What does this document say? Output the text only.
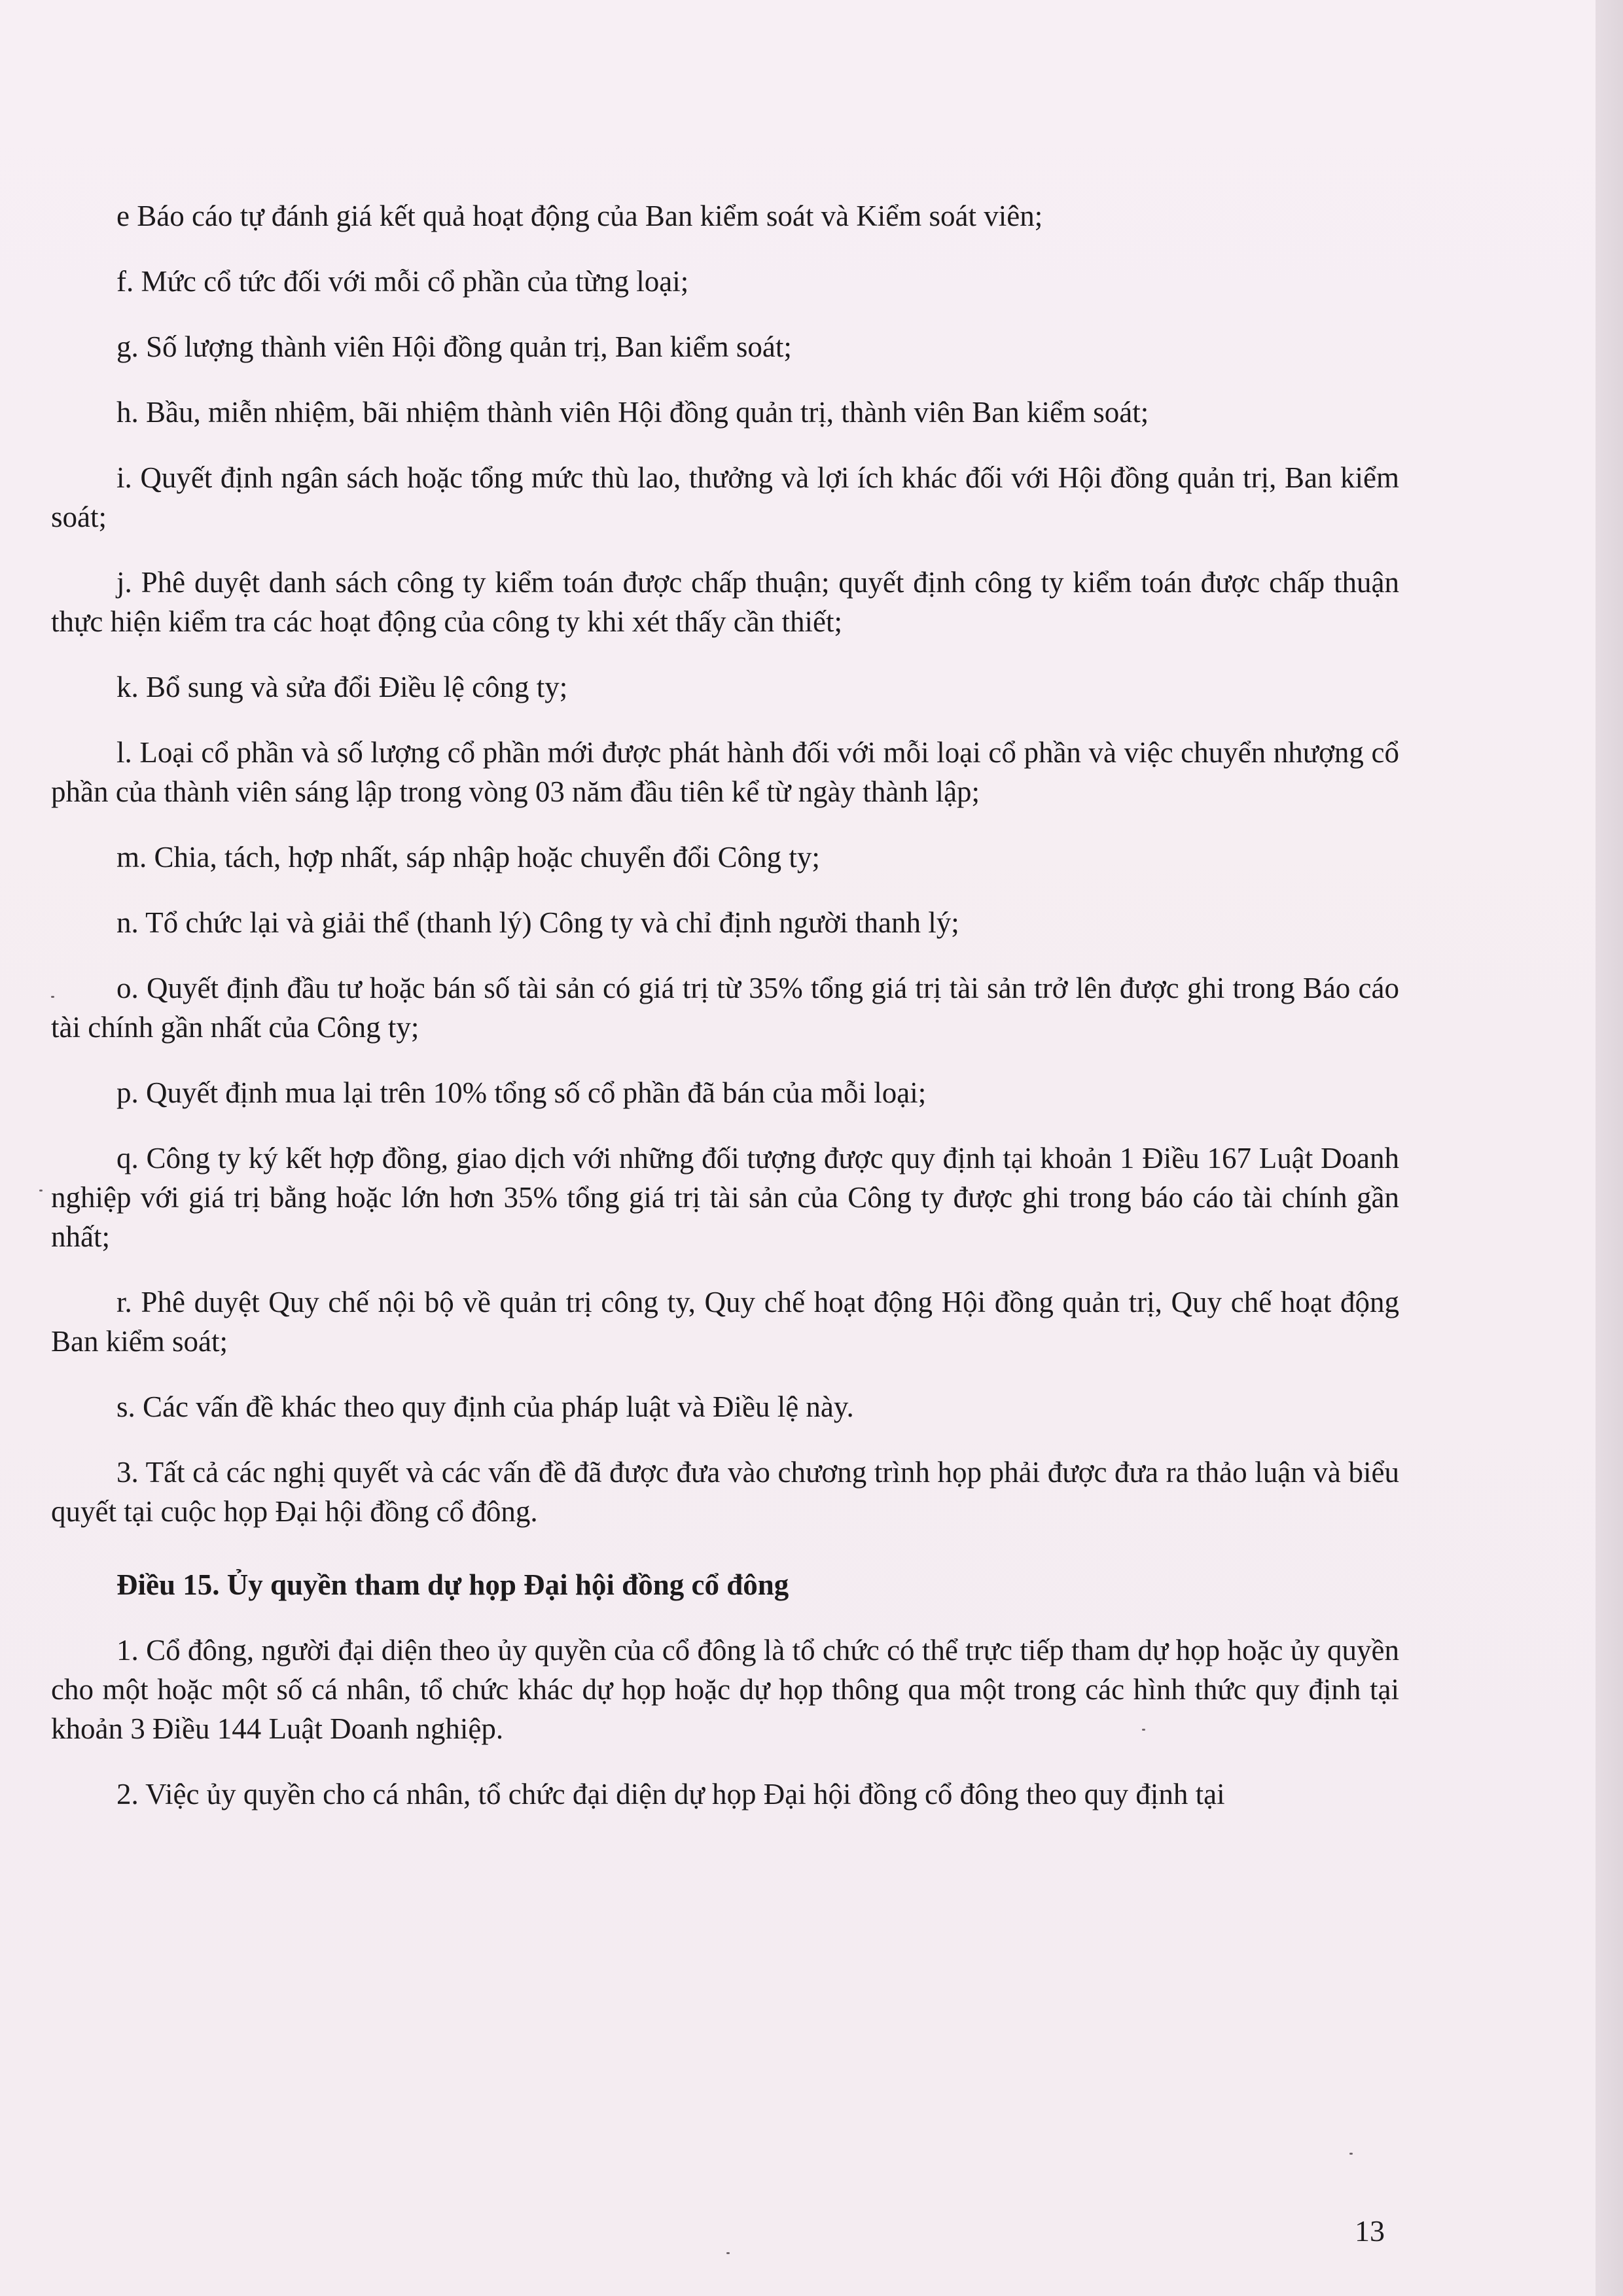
e Báo cáo tự đánh giá kết quả hoạt động của Ban kiểm soát và Kiểm soát viên;

f. Mức cổ tức đối với mỗi cổ phần của từng loại;

g. Số lượng thành viên Hội đồng quản trị, Ban kiểm soát;

h. Bầu, miễn nhiệm, bãi nhiệm thành viên Hội đồng quản trị, thành viên Ban kiểm soát;

i. Quyết định ngân sách hoặc tổng mức thù lao, thưởng và lợi ích khác đối với Hội đồng quản trị, Ban kiểm soát;

j. Phê duyệt danh sách công ty kiểm toán được chấp thuận; quyết định công ty kiểm toán được chấp thuận thực hiện kiểm tra các hoạt động của công ty khi xét thấy cần thiết;

k. Bổ sung và sửa đổi Điều lệ công ty;

l. Loại cổ phần và số lượng cổ phần mới được phát hành đối với mỗi loại cổ phần và việc chuyển nhượng cổ phần của thành viên sáng lập trong vòng 03 năm đầu tiên kể từ ngày thành lập;

m. Chia, tách, hợp nhất, sáp nhập hoặc chuyển đổi Công ty;

n. Tổ chức lại và giải thể (thanh lý) Công ty và chỉ định người thanh lý;

o. Quyết định đầu tư hoặc bán số tài sản có giá trị từ 35% tổng giá trị tài sản trở lên được ghi trong Báo cáo tài chính gần nhất của Công ty;

p. Quyết định mua lại trên 10% tổng số cổ phần đã bán của mỗi loại;

q. Công ty ký kết hợp đồng, giao dịch với những đối tượng được quy định tại khoản 1 Điều 167 Luật Doanh nghiệp với giá trị bằng hoặc lớn hơn 35% tổng giá trị tài sản của Công ty được ghi trong báo cáo tài chính gần nhất;

r. Phê duyệt Quy chế nội bộ về quản trị công ty, Quy chế hoạt động Hội đồng quản trị, Quy chế hoạt động Ban kiểm soát;

s. Các vấn đề khác theo quy định của pháp luật và Điều lệ này.

3. Tất cả các nghị quyết và các vấn đề đã được đưa vào chương trình họp phải được đưa ra thảo luận và biểu quyết tại cuộc họp Đại hội đồng cổ đông.

Điều 15. Ủy quyền tham dự họp Đại hội đồng cổ đông

1. Cổ đông, người đại diện theo ủy quyền của cổ đông là tổ chức có thể trực tiếp tham dự họp hoặc ủy quyền cho một hoặc một số cá nhân, tổ chức khác dự họp hoặc dự họp thông qua một trong các hình thức quy định tại khoản 3 Điều 144 Luật Doanh nghiệp.

2. Việc ủy quyền cho cá nhân, tổ chức đại diện dự họp Đại hội đồng cổ đông theo quy định tại

13
